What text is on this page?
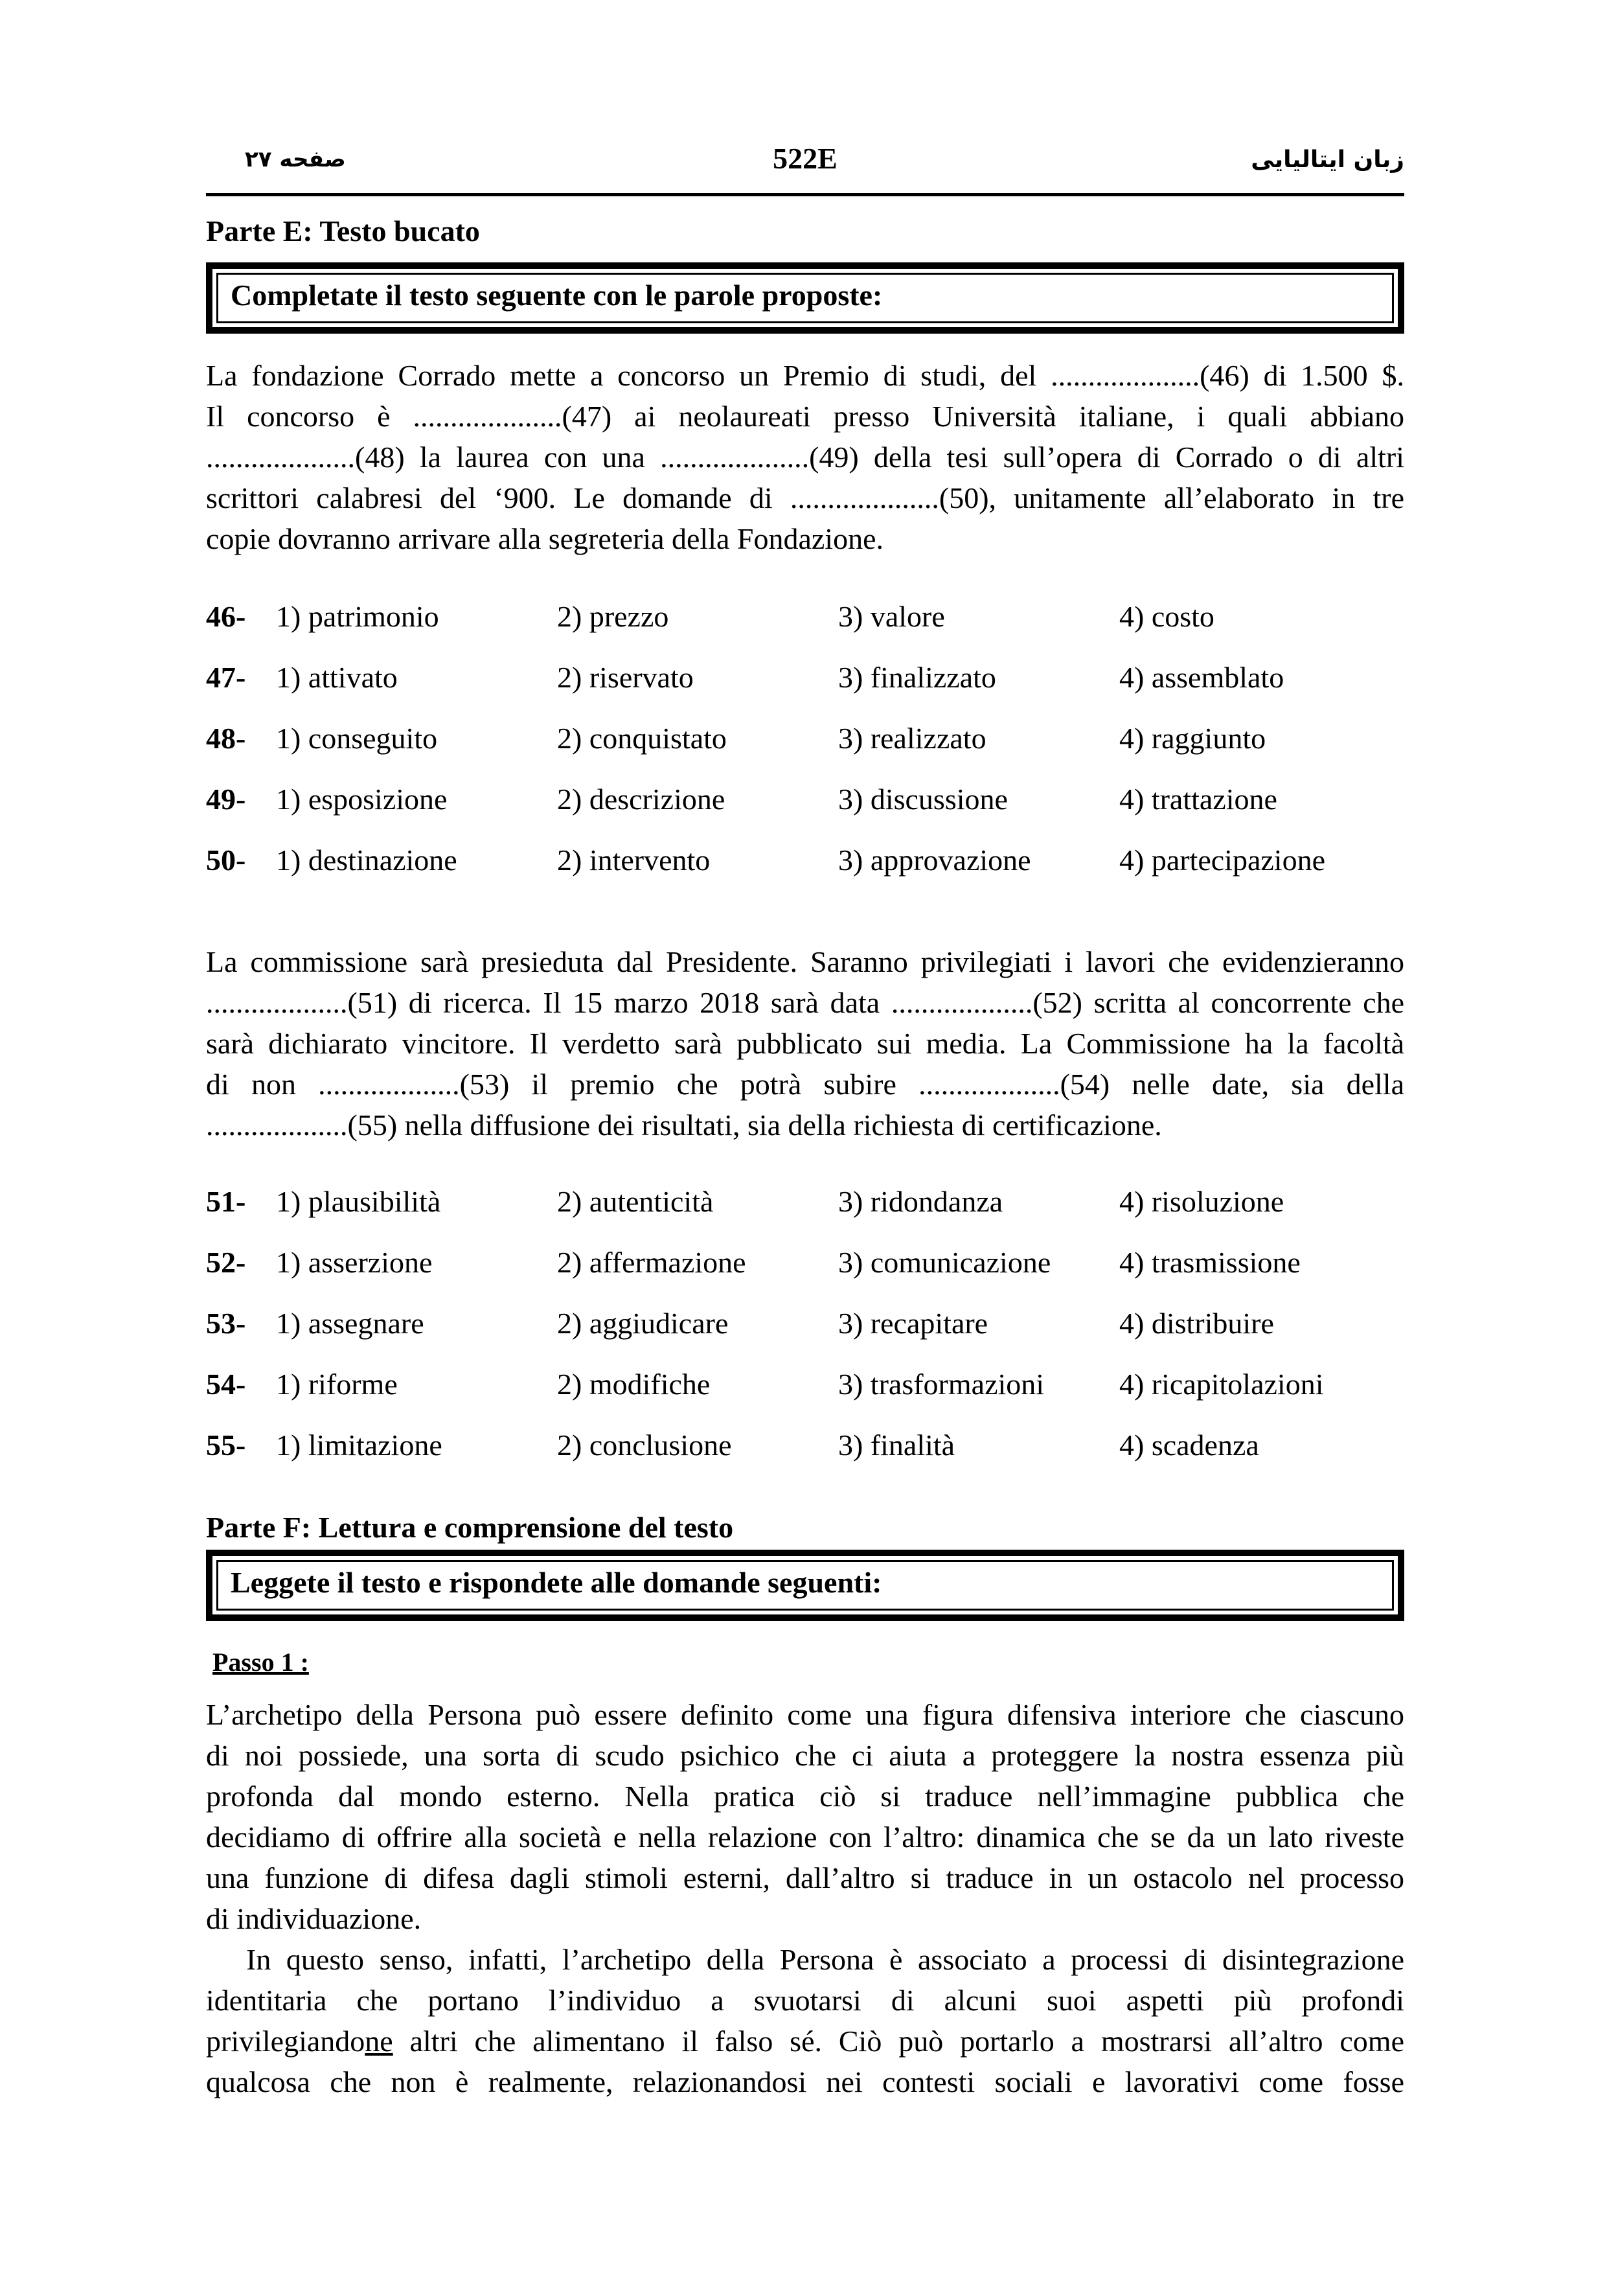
صفحه ۲۷	522E	زبان ایتالیایی
Parte E: Testo bucato
Completate il testo seguente con le parole proposte:
La fondazione Corrado mette a concorso un Premio di studi, del ....................(46) di 1.500 $.
Il concorso è ....................(47) ai neolaureati presso Università italiane, i quali abbiano
....................(48) la laurea con una ....................(49) della tesi sull’opera di Corrado o di altri
scrittori calabresi del ‘900. Le domande di ....................(50), unitamente all’elaborato in tre
copie dovranno arrivare alla segreteria della Fondazione.
46- 1) patrimonio	2) prezzo	3) valore	4) costo
47- 1) attivato	2) riservato	3) finalizzato	4) assemblato
48- 1) conseguito	2) conquistato	3) realizzato	4) raggiunto
49- 1) esposizione	2) descrizione	3) discussione	4) trattazione
50- 1) destinazione	2) intervento	3) approvazione	4) partecipazione
La commissione sarà presieduta dal Presidente. Saranno privilegiati i lavori che evidenzieranno
...................(51) di ricerca. Il 15 marzo 2018 sarà data ...................(52) scritta al concorrente che
sarà dichiarato vincitore. Il verdetto sarà pubblicato sui media. La Commissione ha la facoltà
di non ...................(53) il premio che potrà subire ...................(54) nelle date, sia della
...................(55) nella diffusione dei risultati, sia della richiesta di certificazione.
51- 1) plausibilità	2) autenticità	3) ridondanza	4) risoluzione
52- 1) asserzione	2) affermazione	3) comunicazione 4) trasmissione
53- 1) assegnare	2) aggiudicare	3) recapitare	4) distribuire
54- 1) riforme	2) modifiche	3) trasformazioni	4) ricapitolazioni
55- 1) limitazione	2) conclusione	3) finalità	4) scadenza
Parte F: Lettura e comprensione del testo
Leggete il testo e rispondete alle domande seguenti:
Passo 1 :
L’archetipo della Persona può essere definito come una figura difensiva interiore che ciascuno
di noi possiede, una sorta di scudo psichico che ci aiuta a proteggere la nostra essenza più
profonda dal mondo esterno. Nella pratica ciò si traduce nell’immagine pubblica che
decidiamo di offrire alla società e nella relazione con l’altro: dinamica che se da un lato riveste
una funzione di difesa dagli stimoli esterni, dall’altro si traduce in un ostacolo nel processo
di individuazione.
In questo senso, infatti, l’archetipo della Persona è associato a processi di disintegrazione
identitaria che portano l’individuo a svuotarsi di alcuni suoi aspetti più profondi
privilegiandone altri che alimentano il falso sé. Ciò può portarlo a mostrarsi all’altro come
qualcosa che non è realmente, relazionandosi nei contesti sociali e lavorativi come fosse
